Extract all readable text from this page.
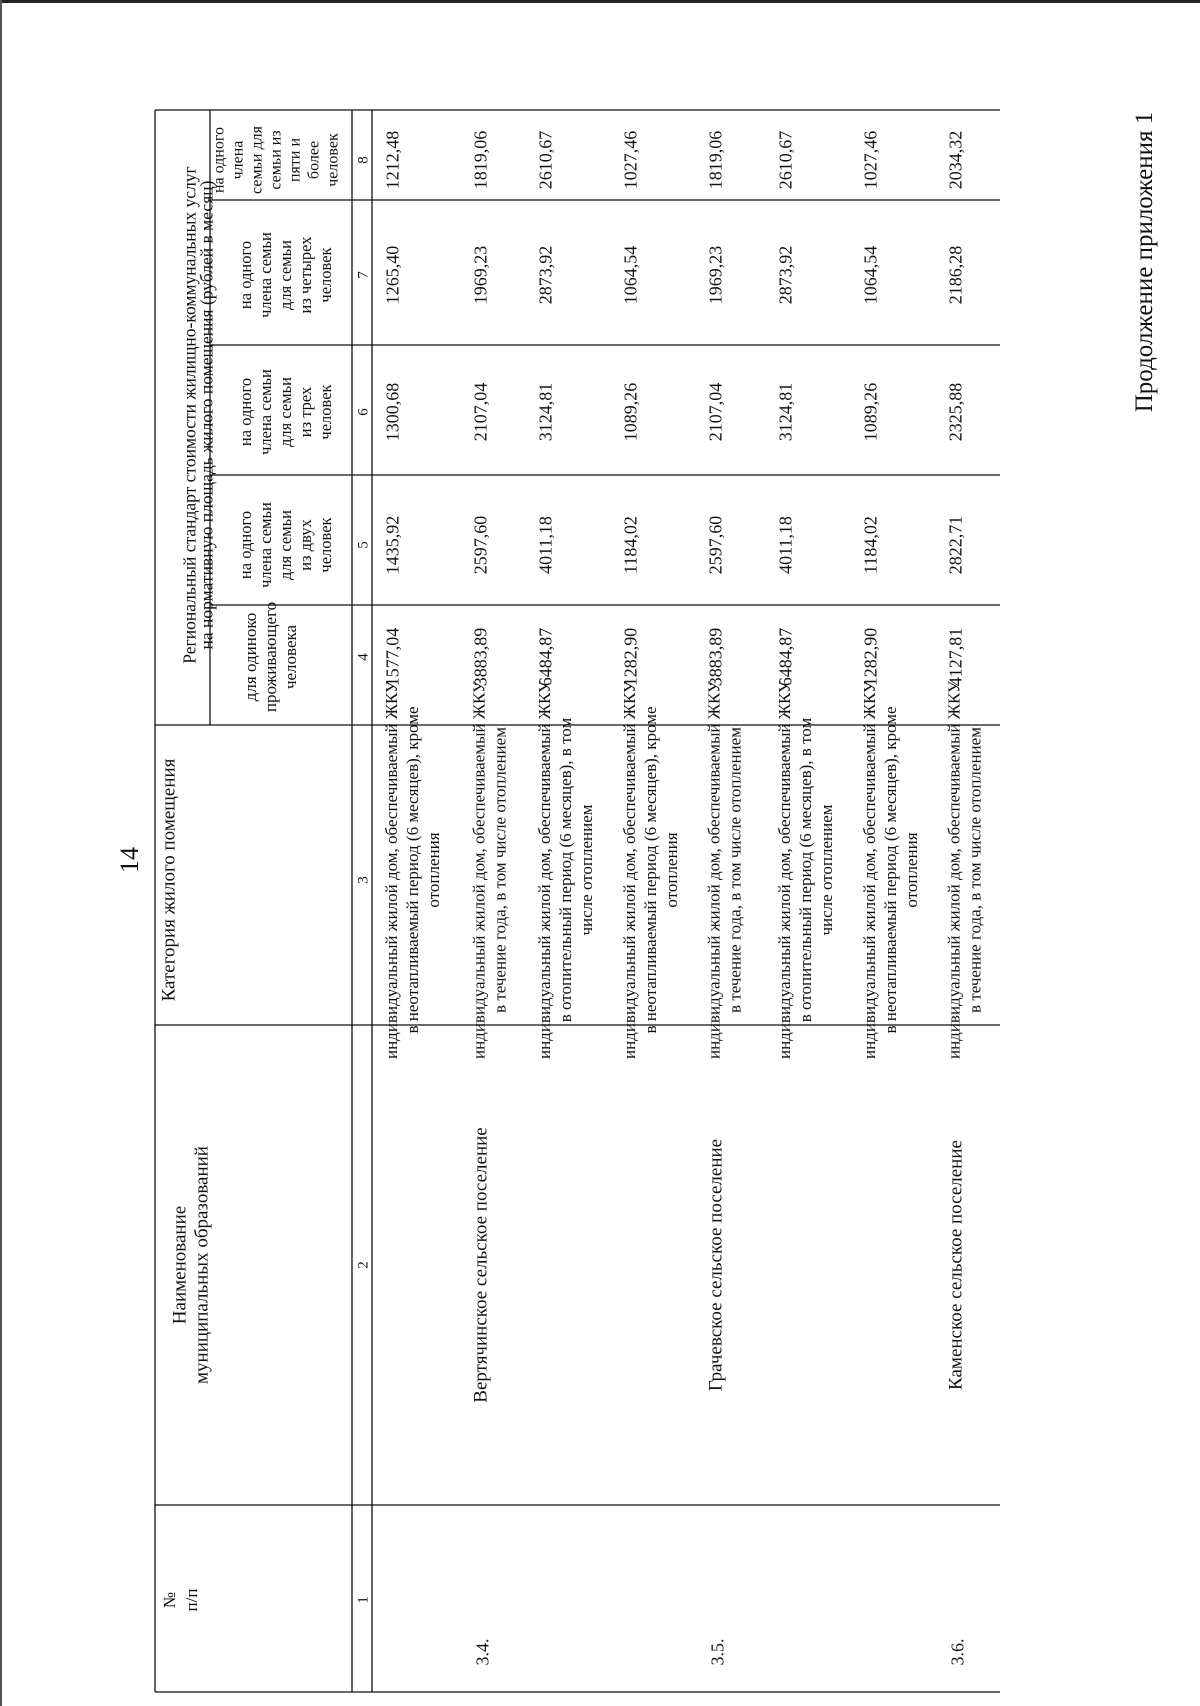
14
Продолжение приложения 1
№ п/п
Наименование муниципальных образований
Категория жилого помещения
Региональный стандарт стоимости жилищно-коммунальных услуг
на нормативную площадь жилого помещения (рублей в месяц)
для одиноко проживающего человека
на одного члена семьи для семьи из двух человек
на одного члена семьи для семьи из трех человек
на одного члена семьи для семьи из четырех человек
на одного члена семьи для семьи из пяти и более человек
1
2
3
4
5
6
7
8
индивидуальный жилой дом, обеспечиваемый ЖКУ в неотапливаемый период (6 месяцев), кроме отопления
1577,04
1435,92
1300,68
1265,40
1212,48
3.4.
Вертячинское сельское поселение
индивидуальный жилой дом, обеспечиваемый ЖКУ в течение года, в том числе отоплением
3883,89
2597,60
2107,04
1969,23
1819,06
индивидуальный жилой дом, обеспечиваемый ЖКУ в отопительный период (6 месяцев), в том числе отоплением
6484,87
4011,18
3124,81
2873,92
2610,67
индивидуальный жилой дом, обеспечиваемый ЖКУ в неотапливаемый период (6 месяцев), кроме отопления
1282,90
1184,02
1089,26
1064,54
1027,46
3.5.
Грачевское сельское поселение
индивидуальный жилой дом, обеспечиваемый ЖКУ в течение года, в том числе отоплением
3883,89
2597,60
2107,04
1969,23
1819,06
индивидуальный жилой дом, обеспечиваемый ЖКУ в отопительный период (6 месяцев), в том числе отоплением
6484,87
4011,18
3124,81
2873,92
2610,67
индивидуальный жилой дом, обеспечиваемый ЖКУ в неотапливаемый период (6 месяцев), кроме отопления
1282,90
1184,02
1089,26
1064,54
1027,46
3.6.
Каменское сельское поселение
индивидуальный жилой дом, обеспечиваемый ЖКУ в течение года, в том числе отоплением
4127,81
2822,71
2325,88
2186,28
2034,32
